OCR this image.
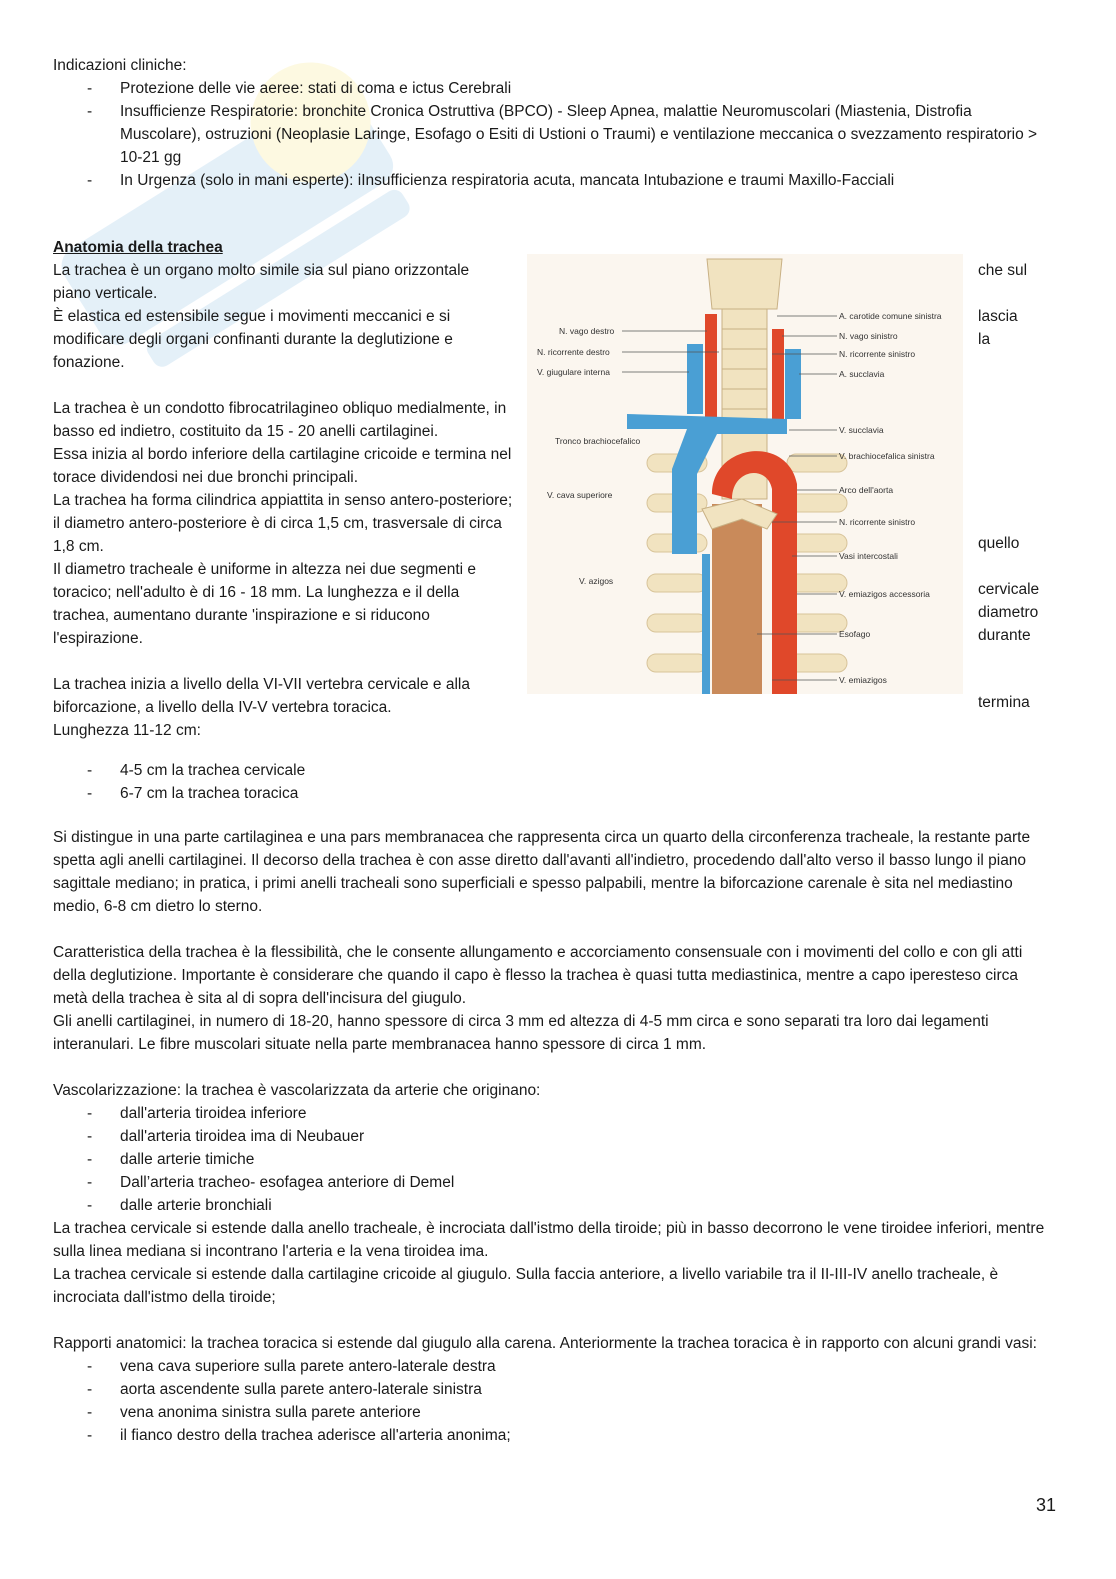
Indicazioni cliniche:

- Protezione delle vie aeree: stati di coma e ictus Cerebrali
- Insufficienze Respiratorie: bronchite Cronica Ostruttiva (BPCO) - Sleep Apnea, malattie Neuromuscolari (Miastenia, Distrofia Muscolare), ostruzioni (Neoplasie Laringe, Esofago o Esiti di Ustioni o Traumi) e ventilazione meccanica o svezzamento respiratorio > 10-21 gg
- In Urgenza (solo in mani esperte): iInsufficienza respiratoria acuta, mancata Intubazione e traumi Maxillo-Facciali

Anatomia della trachea

La trachea è un organo molto simile sia sul piano orizzontale

piano verticale.

È elastica ed estensibile segue i movimenti meccanici e si modificare degli organi confinanti durante la deglutizione e fonazione.

La trachea è un condotto fibrocatrilagineo obliquo medialmente, in basso ed indietro, costituito da 15 - 20 anelli cartilaginei.

Essa inizia al bordo inferiore della cartilagine cricoide e termina nel torace dividendosi nei due bronchi principali.

La trachea ha forma cilindrica appiattita in senso antero-posteriore; il diametro antero-posteriore è di circa 1,5 cm, trasversale di circa 1,8 cm.

Il diametro tracheale è uniforme in altezza nei due segmenti e toracico; nell'adulto è di 16 - 18 mm. La lunghezza e il della trachea, aumentano durante 'inspirazione e si riducono l'espirazione.

La trachea inizia a livello della VI-VII vertebra cervicale e alla biforcazione, a livello della IV-V vertebra toracica.

Lunghezza 11-12 cm:

- 4-5 cm la trachea cervicale
- 6-7 cm la trachea toracica
che sul
lascia
la
quello
cervicale
diametro
durante
termina
N. vago destro
N. ricorrente destro
V. giugulare interna
Tronco brachiocefalico
V. cava superiore
V. azigos
A. carotide comune sinistra
N. vago sinistro
N. ricorrente sinistro
A. succlavia
V. succlavia
V. brachiocefalica sinistra
Arco dell'aorta
N. ricorrente sinistro
Vasi intercostali
V. emiazigos accessoria
Esofago
V. emiazigos

Si distingue in una parte cartilaginea e una pars membranacea che rappresenta circa un quarto della circonferenza tracheale, la restante parte spetta agli anelli cartilaginei. Il decorso della trachea è con asse diretto dall'avanti all'indietro, procedendo dall'alto verso il basso lungo il piano sagittale mediano; in pratica, i primi anelli tracheali sono superficiali e spesso palpabili, mentre la biforcazione carenale è sita nel mediastino medio, 6-8 cm dietro lo sterno.

Caratteristica della trachea è la flessibilità, che le consente allungamento e accorciamento consensuale con i movimenti del collo e con gli atti della deglutizione. Importante è considerare che quando il capo è flesso la trachea è quasi tutta mediastinica, mentre a capo iperesteso circa metà della trachea è sita al di sopra dell'incisura del giugulo.

Gli anelli cartilaginei, in numero di 18-20, hanno spessore di circa 3 mm ed altezza di 4-5 mm circa e sono separati tra loro dai legamenti interanulari. Le fibre muscolari situate nella parte membranacea hanno spessore di circa 1 mm.

Vascolarizzazione: la trachea è vascolarizzata da arterie che originano:

- dall'arteria tiroidea inferiore
- dall'arteria tiroidea ima di Neubauer
- dalle arterie timiche
- Dall’arteria tracheo- esofagea anteriore di Demel
- dalle arterie bronchiali

La trachea cervicale si estende dalla anello tracheale, è incrociata dall'istmo della tiroide; più in basso decorrono le vene tiroidee inferiori, mentre sulla linea mediana si incontrano l'arteria e la vena tiroidea ima.

La trachea cervicale si estende dalla cartilagine cricoide al giugulo. Sulla faccia anteriore, a livello variabile tra il II-III-IV anello tracheale, è incrociata dall'istmo della tiroide;

Rapporti anatomici: la trachea toracica si estende dal giugulo alla carena. Anteriormente la trachea toracica è in rapporto con alcuni grandi vasi:

- vena cava superiore sulla parete antero-laterale destra
- aorta ascendente sulla parete antero-laterale sinistra
- vena anonima sinistra sulla parete anteriore
- il fianco destro della trachea aderisce all'arteria anonima;
31
